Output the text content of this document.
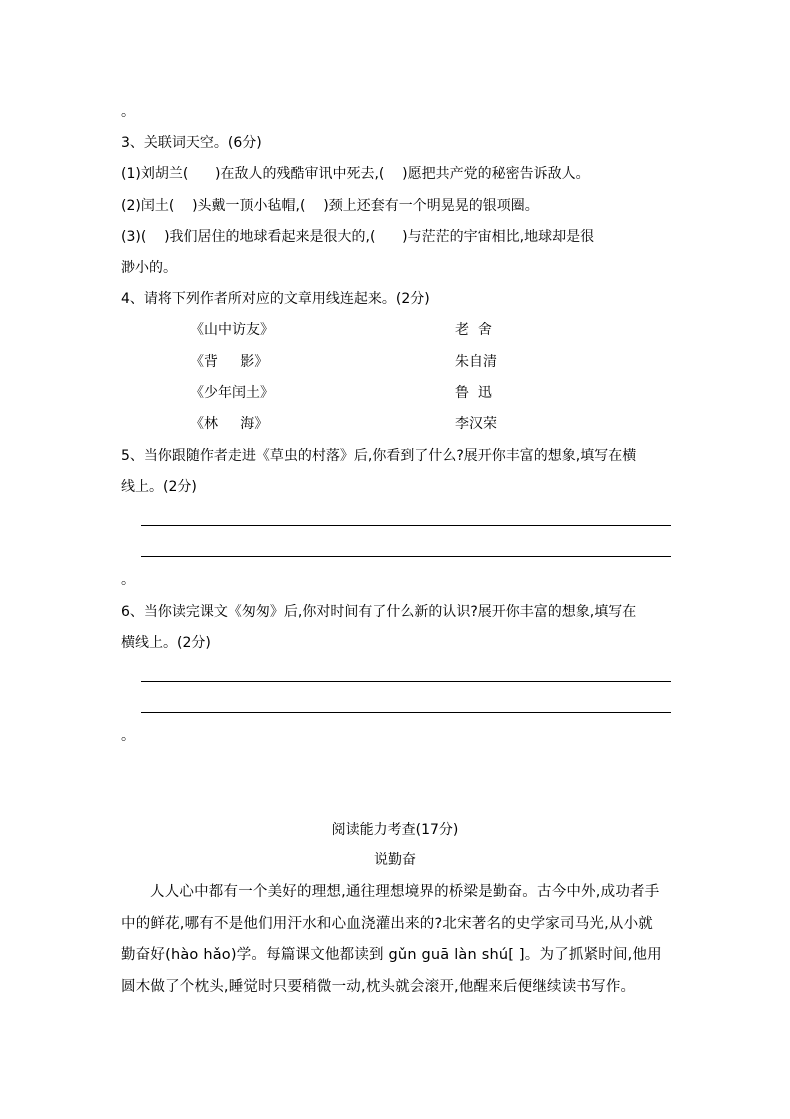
。
3、关联词天空。(6分)
(1)刘胡兰(      )在敌人的残酷审讯中死去,(    )愿把共产党的秘密告诉敌人。
(2)闰土(    )头戴一顶小毡帽,(    )颈上还套有一个明晃晃的银项圈。
(3)(    )我们居住的地球看起来是很大的,(      )与茫茫的宇宙相比,地球却是很
渺小的。
4、请将下列作者所对应的文章用线连起来。(2分)
《山中访友》	老  舍
《背     影》	朱自清
《少年闰土》	鲁  迅
《林     海》	李汉荣
5、当你跟随作者走进《草虫的村落》后,你看到了什么?展开你丰富的想象,填写在横
线上。(2分)
。
6、当你读完课文《匆匆》后,你对时间有了什么新的认识?展开你丰富的想象,填写在
横线上。(2分)
。
阅读能力考查(17分)
说勤奋
人人心中都有一个美好的理想,通往理想境界的桥梁是勤奋。古今中外,成功者手中的鲜花,哪有不是他们用汗水和心血浇灌出来的?北宋著名的史学家司马光,从小就勤奋好(hào hǎo)学。每篇课文他都读到 gǔn guā làn shú[ ]。为了抓紧时间,他用圆木做了个枕头,睡觉时只要稍微一动,枕头就会滚开,他醒来后便继续读书写作。
